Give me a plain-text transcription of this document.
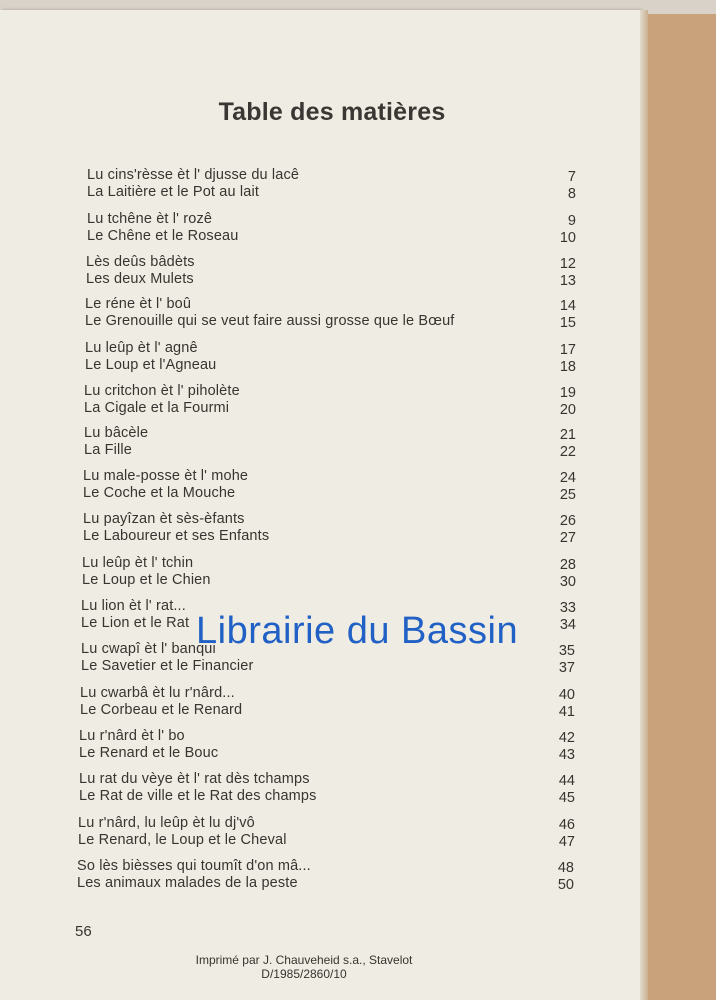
Table des matières
Lu cins'rèsse èt l' djusse du lacê
La Laitière et le Pot au lait
7
8
Lu tchêne èt l' rozê
Le Chêne et le Roseau
9
10
Lès deûs bâdèts
Les deux Mulets
12
13
Le réne èt l' boû
Le Grenouille qui se veut faire aussi grosse que le Bœuf
14
15
Lu leûp èt l' agnê
Le Loup et l'Agneau
17
18
Lu critchon èt l' piholète
La Cigale et la Fourmi
19
20
Lu bâcèle
La Fille
21
22
Lu male-posse èt l' mohe
Le Coche et la Mouche
24
25
Lu payîzan èt sès-èfants
Le Laboureur et ses Enfants
26
27
Lu leûp èt l' tchin
Le Loup et le Chien
28
30
Lu lion èt l' rat...
Le Lion et le Rat
33
34
Lu cwapî èt l' banqui
Le Savetier et le Financier
35
37
Lu cwarbâ èt lu r'nârd...
Le Corbeau et le Renard
40
41
Lu r'nârd èt l' bo
Le Renard et le Bouc
42
43
Lu rat du vèye èt l' rat dès tchamps
Le Rat de ville et le Rat des champs
44
45
Lu r'nârd, lu leûp èt lu dj'vô
Le Renard, le Loup et le Cheval
46
47
So lès bièsses qui toumît d'on mâ...
Les animaux malades de la peste
48
50
56
Imprimé par J. Chauveheid s.a., Stavelot
D/1985/2860/10
Librairie du Bassin
